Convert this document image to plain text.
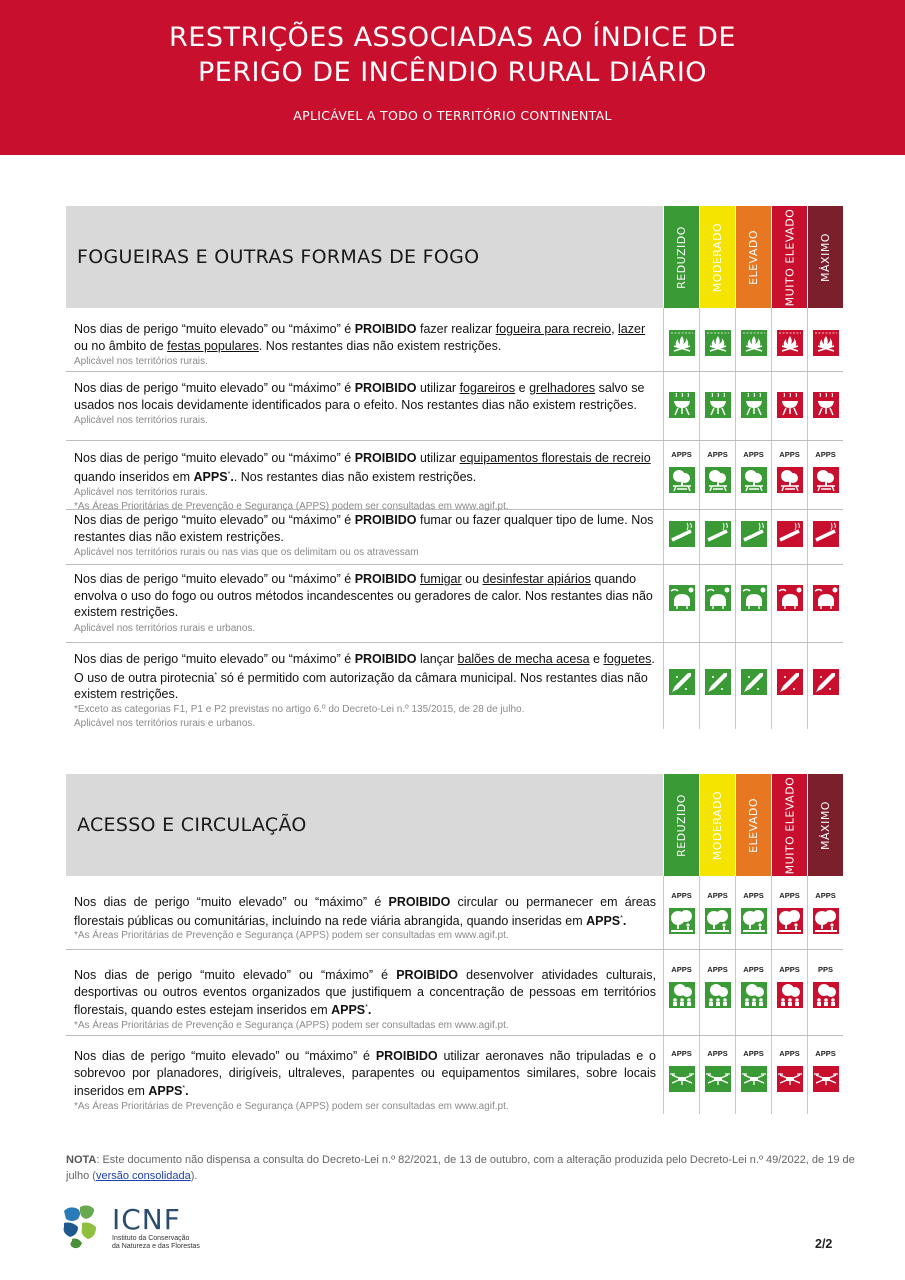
RESTRIÇÕES ASSOCIADAS AO ÍNDICE DE
PERIGO DE INCÊNDIO RURAL DIÁRIO
APLICÁVEL A TODO O TERRITÓRIO CONTINENTAL
FOGUEIRAS E OUTRAS FORMAS DE FOGO	REDUZIDO MODERADO ELEVADO MUITO ELEVADO MÁXIMO
Nos dias de perigo “muito elevado” ou “máximo” é PROIBIDO fazer realizar fogueira para recreio, lazer ou no âmbito de festas populares. Nos restantes dias não existem restrições.
Aplicável nos territórios rurais.
Nos dias de perigo “muito elevado” ou “máximo” é PROIBIDO utilizar fogareiros e grelhadores salvo se usados nos locais devidamente identificados para o efeito. Nos restantes dias não existem restrições.
Aplicável nos territórios rurais.
Nos dias de perigo “muito elevado” ou “máximo” é PROIBIDO utilizar equipamentos florestais de recreio quando inseridos em APPS*.. Nos restantes dias não existem restrições.
Aplicável nos territórios rurais.
*As Áreas Prioritárias de Prevenção e Segurança (APPS) podem ser consultadas em www.agif.pt.
APPS	APPS	APPS	APPS	APPS
Nos dias de perigo “muito elevado” ou “máximo” é PROIBIDO fumar ou fazer qualquer tipo de lume. Nos restantes dias não existem restrições.
Aplicável nos territórios rurais ou nas vias que os delimitam ou os atravessam
Nos dias de perigo “muito elevado” ou “máximo” é PROIBIDO fumigar ou desinfestar apiários quando envolva o uso do fogo ou outros métodos incandescentes ou geradores de calor. Nos restantes dias não existem restrições.
Aplicável nos territórios rurais e urbanos.
Nos dias de perigo “muito elevado” ou “máximo” é PROIBIDO lançar balões de mecha acesa e foguetes. O uso de outra pirotecnia* só é permitido com autorização da câmara municipal. Nos restantes dias não existem restrições.
*Exceto as categorias F1, P1 e P2 previstas no artigo 6.º do Decreto-Lei n.º 135/2015, de 28 de julho.
Aplicável nos territórios rurais e urbanos.
ACESSO E CIRCULAÇÃO	REDUZIDO MODERADO ELEVADO MUITO ELEVADO MÁXIMO
Nos dias de perigo “muito elevado” ou “máximo” é PROIBIDO circular ou permanecer em áreas florestais públicas ou comunitárias, incluindo na rede viária abrangida, quando inseridas em APPS*.
*As Áreas Prioritárias de Prevenção e Segurança (APPS) podem ser consultadas em www.agif.pt.
APPS	APPS	APPS	APPS	APPS
Nos dias de perigo “muito elevado” ou “máximo” é PROIBIDO desenvolver atividades culturais, desportivas ou outros eventos organizados que justifiquem a concentração de pessoas em territórios florestais, quando estes estejam inseridos em APPS*.
*As Áreas Prioritárias de Prevenção e Segurança (APPS) podem ser consultadas em www.agif.pt.
APPS	APPS	APPS	APPS	PPS
Nos dias de perigo “muito elevado” ou “máximo” é PROIBIDO utilizar aeronaves não tripuladas e o sobrevoo por planadores, dirigíveis, ultraleves, parapentes ou equipamentos similares, sobre locais inseridos em APPS*.
*As Áreas Prioritárias de Prevenção e Segurança (APPS) podem ser consultadas em www.agif.pt.
APPS	APPS	APPS	APPS	APPS
NOTA: Este documento não dispensa a consulta do Decreto-Lei n.º 82/2021, de 13 de outubro, com a alteração produzida pelo Decreto-Lei n.º 49/2022, de 19 de julho (versão consolidada).
ICNF
Instituto da Conservação
da Natureza e das Florestas	2/2
